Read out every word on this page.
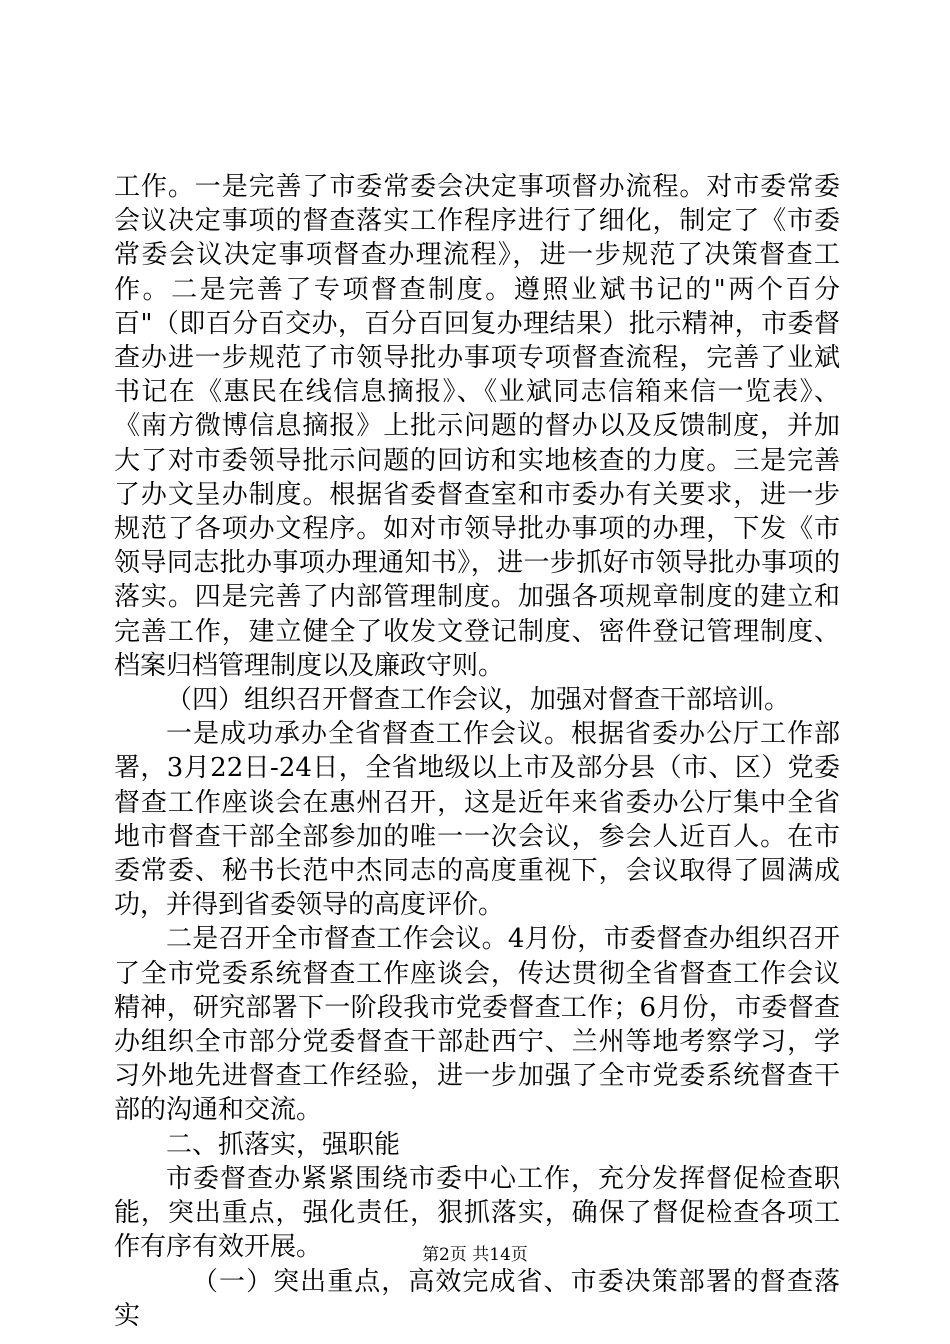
工作。一是完善了市委常委会决定事项督办流程。对市委常委会议决定事项的督查落实工作程序进行了细化，制定了《市委常委会议决定事项督查办理流程》，进一步规范了决策督查工作。二是完善了专项督查制度。遵照业斌书记的"两个百分百"（即百分百交办，百分百回复办理结果）批示精神，市委督查办进一步规范了市领导批办事项专项督查流程，完善了业斌书记在《惠民在线信息摘报》、《业斌同志信箱来信一览表》、《南方微博信息摘报》上批示问题的督办以及反馈制度，并加大了对市委领导批示问题的回访和实地核查的力度。三是完善了办文呈办制度。根据省委督查室和市委办有关要求，进一步规范了各项办文程序。如对市领导批办事项的办理，下发《市领导同志批办事项办理通知书》，进一步抓好市领导批办事项的落实。四是完善了内部管理制度。加强各项规章制度的建立和完善工作，建立健全了收发文登记制度、密件登记管理制度、档案归档管理制度以及廉政守则。

（四）组织召开督查工作会议，加强对督查干部培训。

一是成功承办全省督查工作会议。根据省委办公厅工作部署，3月22日-24日，全省地级以上市及部分县（市、区）党委督查工作座谈会在惠州召开，这是近年来省委办公厅集中全省地市督查干部全部参加的唯一一次会议，参会人近百人。在市委常委、秘书长范中杰同志的高度重视下，会议取得了圆满成功，并得到省委领导的高度评价。

二是召开全市督查工作会议。4月份，市委督查办组织召开了全市党委系统督查工作座谈会，传达贯彻全省督查工作会议精神，研究部署下一阶段我市党委督查工作；6月份，市委督查办组织全市部分党委督查干部赴西宁、兰州等地考察学习，学习外地先进督查工作经验，进一步加强了全市党委系统督查干部的沟通和交流。

二、抓落实，强职能

市委督查办紧紧围绕市委中心工作，充分发挥督促检查职能，突出重点，强化责任，狠抓落实，确保了督促检查各项工作有序有效开展。

（一）突出重点，高效完成省、市委决策部署的督查落实

第2页 共14页
